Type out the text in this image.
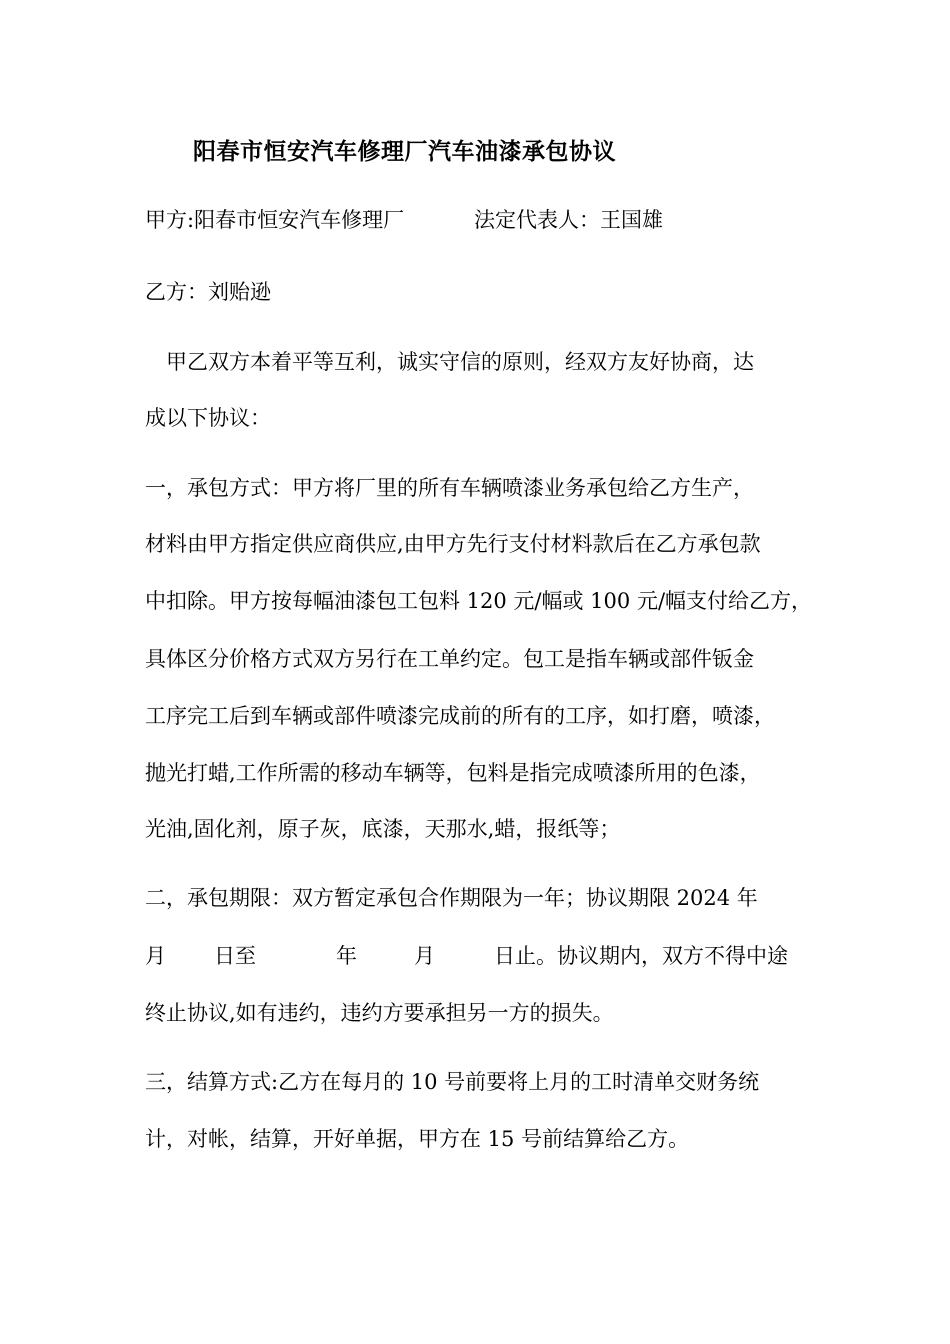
阳春市恒安汽车修理厂汽车油漆承包协议
甲方:阳春市恒安汽车修理厂	法定代表人：王国雄
乙方：刘贻逊
甲乙双方本着平等互利，诚实守信的原则，经双方友好协商，达
成以下协议：
一，承包方式：甲方将厂里的所有车辆喷漆业务承包给乙方生产，
材料由甲方指定供应商供应,由甲方先行支付材料款后在乙方承包款
中扣除。甲方按每幅油漆包工包料 120 元/幅或 100 元/幅支付给乙方，
具体区分价格方式双方另行在工单约定。包工是指车辆或部件钣金
工序完工后到车辆或部件喷漆完成前的所有的工序，如打磨，喷漆，
抛光打蜡,工作所需的移动车辆等，包料是指完成喷漆所用的色漆，
光油,固化剂，原子灰，底漆，天那水,蜡，报纸等；
二，承包期限：双方暂定承包合作期限为一年；协议期限 2024 年
月 日至	年	月	日止。协议期内，双方不得中途
终止协议,如有违约，违约方要承担另一方的损失。
三，结算方式:乙方在每月的 10 号前要将上月的工时清单交财务统
计，对帐，结算，开好单据，甲方在 15 号前结算给乙方。
